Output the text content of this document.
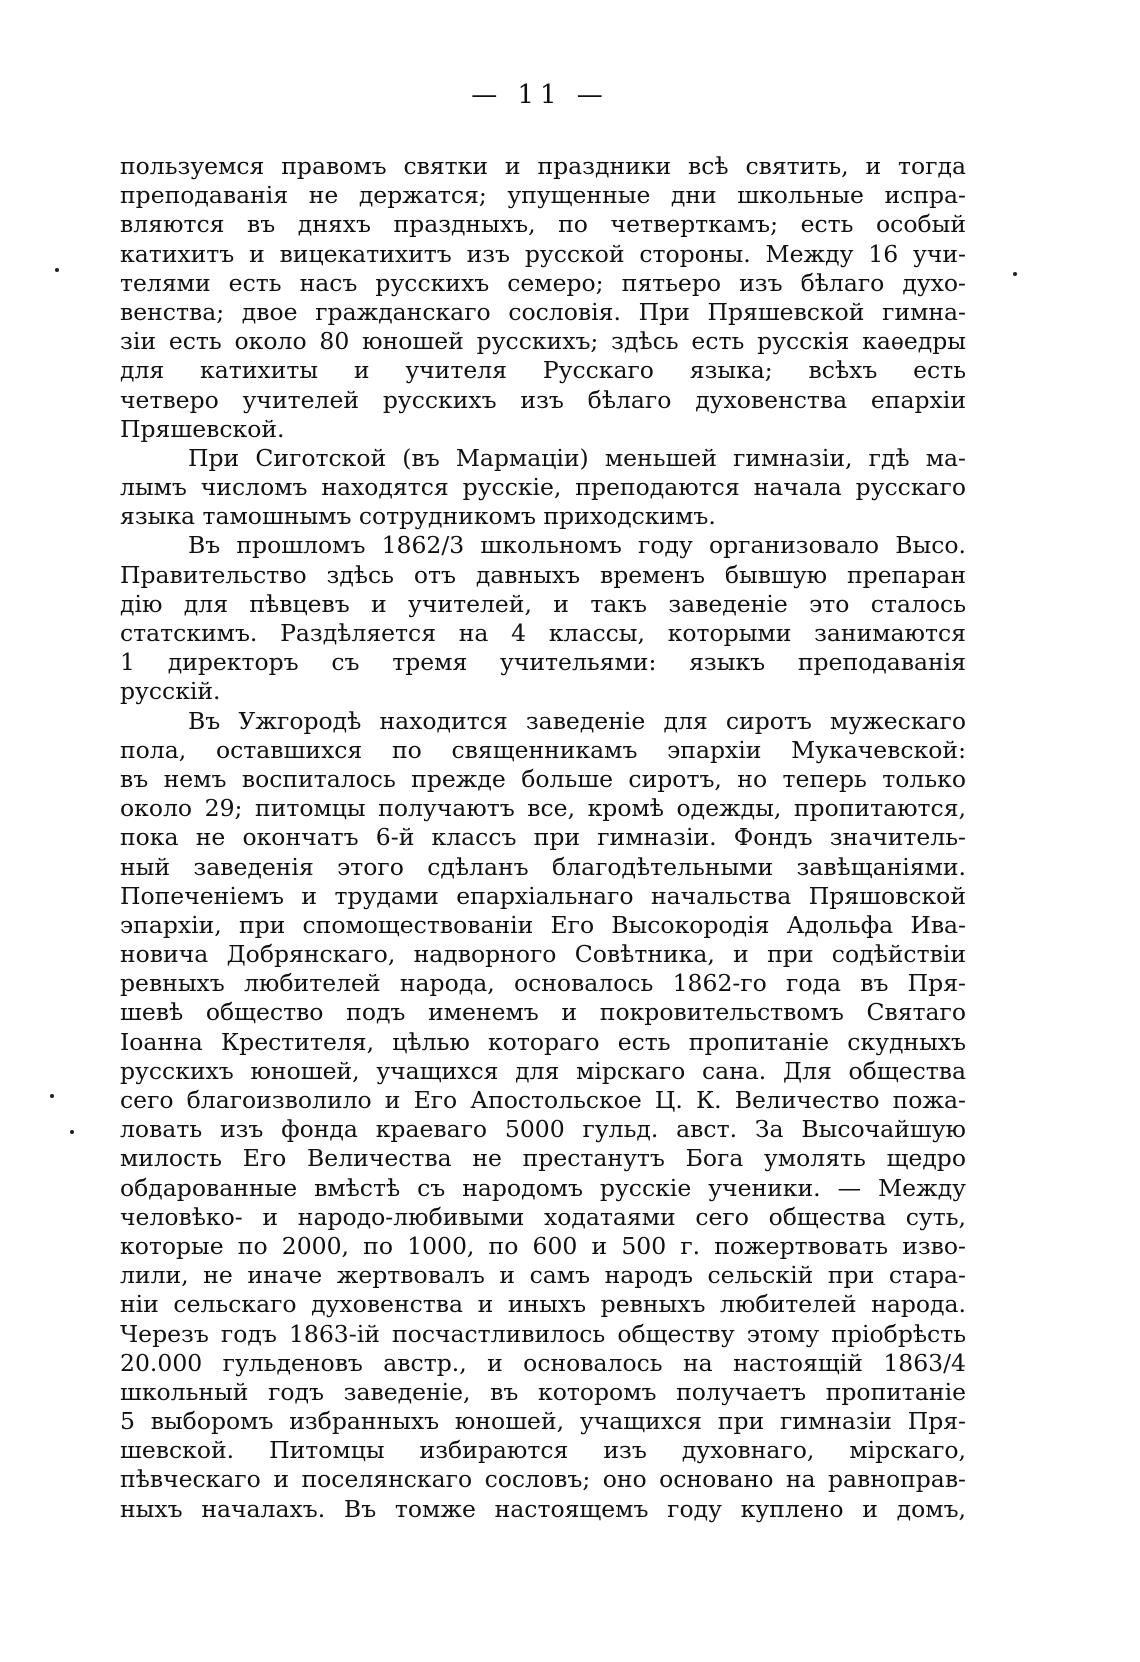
— 11 —
пользуемся правомъ святки и праздники всѣ святить, и тогда
преподаванія не держатся; упущенные дни школьные испра-
вляются въ дняхъ праздныхъ, по четверткамъ; есть особый
катихитъ и вицекатихитъ изъ русской стороны. Между 16 учи-
телями есть насъ русскихъ семеро; пятьеро изъ бѣлаго духо-
венства; двое гражданскаго сословія. При Пряшевской гимна-
зіи есть около 80 юношей русскихъ; здѣсь есть русскія каѳедры
для катихиты и учителя Русскаго языка; всѣхъ есть
четверо учителей русскихъ изъ бѣлаго духовенства епархіи
Пряшевской.
При Сиготской (въ Мармаціи) меньшей гимназіи, гдѣ ма-
лымъ числомъ находятся русскіе, преподаются начала русскаго
языка тамошнымъ сотрудникомъ приходскимъ.
Въ прошломъ 1862/3 школьномъ году организовало Высо.
Правительство здѣсь отъ давныхъ временъ бывшую препаран
дію для пѣвцевъ и учителей, и такъ заведеніе это стaлось
статскимъ. Раздѣляется на 4 классы, которыми занимаются
1 директоръ съ тремя учительями: языкъ преподаванія
русскій.
Въ Ужгородѣ находится заведеніе для сиротъ мужескаго
пола, оставшихся по священникамъ эпархіи Мукачевской:
въ немъ воспиталось прежде больше сиротъ, но теперь только
около 29; питомцы получаютъ все, кромѣ одежды, пропитаются,
пока не окончатъ 6-й классъ при гимназіи. Фондъ значитель-
ный заведенія этого сдѣланъ благодѣтельными завѣщаніями.
Попеченіемъ и трудами епархіальнаго начальства Пряшовской
эпархіи, при спомоществованіи Его Высокородія Адольфа Ива-
новича Добрянскаго, надворного Совѣтника, и при содѣйствіи
ревныхъ любителей народа, основалось 1862-го года въ Пря-
шевѣ общество подъ именемъ и покровительствомъ Святаго
Іоанна Крестителя, цѣлью котораго есть пропитаніе скудныхъ
русскихъ юношей, учащихся для мірскаго сана. Для общества
сего благоизволило и Его Апостольское Ц. К. Величество пожа-
ловать изъ фонда краеваго 5000 гульд. авст. За Высочайшую
милость Его Величества не престанутъ Бога умолять щедро
обдарованные вмѣстѣ съ народомъ русскіе ученики. — Между
человѣко- и народо-любивыми ходатаями сего общества суть,
которые по 2000, по 1000, по 600 и 500 г. пожертвовать изво-
лили, не иначе жертвовалъ и самъ народъ сельскій при стара-
ніи сельскаго духовенства и иныхъ ревныхъ любителей народа.
Черезъ годъ 1863-ій посчастливилось обществу этому пріобрѣсть
20.000 гульденовъ австр., и основалось на настоящій 1863/4
школьный годъ заведеніе, въ которомъ получаетъ пропитаніе
5 выборомъ избранныхъ юношей, учащихся при гимназіи Пря-
шевской. Питомцы избираются изъ духовнаго, мірскаго,
пѣвческаго и поселянскаго сословъ; оно основано на равноправ-
ныхъ началахъ. Въ томже настоящемъ году куплено и домъ,
